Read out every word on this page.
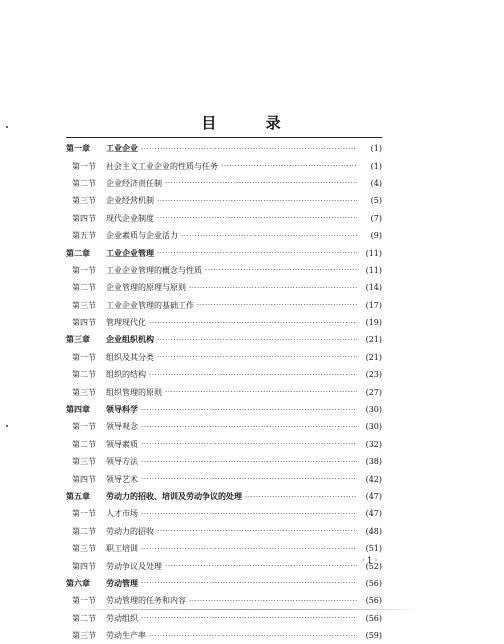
目 录
第一章	工业企业 ·····	(1)
第一节	社会主义工业企业的性质与任务 ·····	(1)
第二节	企业经济责任制 ·····	(4)
第三节	企业经营机制 ·····	(5)
第四节	现代企业制度 ·····	(7)
第五节	企业素质与企业活力 ·····	(9)
第二章	工业企业管理 ·····	(11)
第一节	工业企业管理的概念与性质 ·····	(11)
第二节	企业管理的原理与原则 ·····	(14)
第三节	工业企业管理的基础工作 ·····	(17)
第四节	管理现代化 ·····	(19)
第三章	企业组织机构 ·····	(21)
第一节	组织及其分类 ·····	(21)
第二节	组织的结构 ·····	(23)
第三节	组织管理的原则 ·····	(27)
第四章	领导科学 ·····	(30)
第一节	领导观念 ·····	(30)
第二节	领导素质 ·····	(32)
第三节	领导方法 ·····	(38)
第四节	领导艺术 ·····	(42)
第五章	劳动力的招收、培训及劳动争议的处理 ·····	(47)
第一节	人才市场 ·····	(47)
第二节	劳动力的招收 ·····	(48)
第三节	职工培训 ·····	(51)
第四节	劳动争议及处理 ·····	(52)
第六章	劳动管理 ·····	(56)
第一节	劳动管理的任务和内容 ·····	(56)
第二节	劳动组织 ·····	(56)
第三节	劳动生产率 ·····	(59)
· 1 ·
